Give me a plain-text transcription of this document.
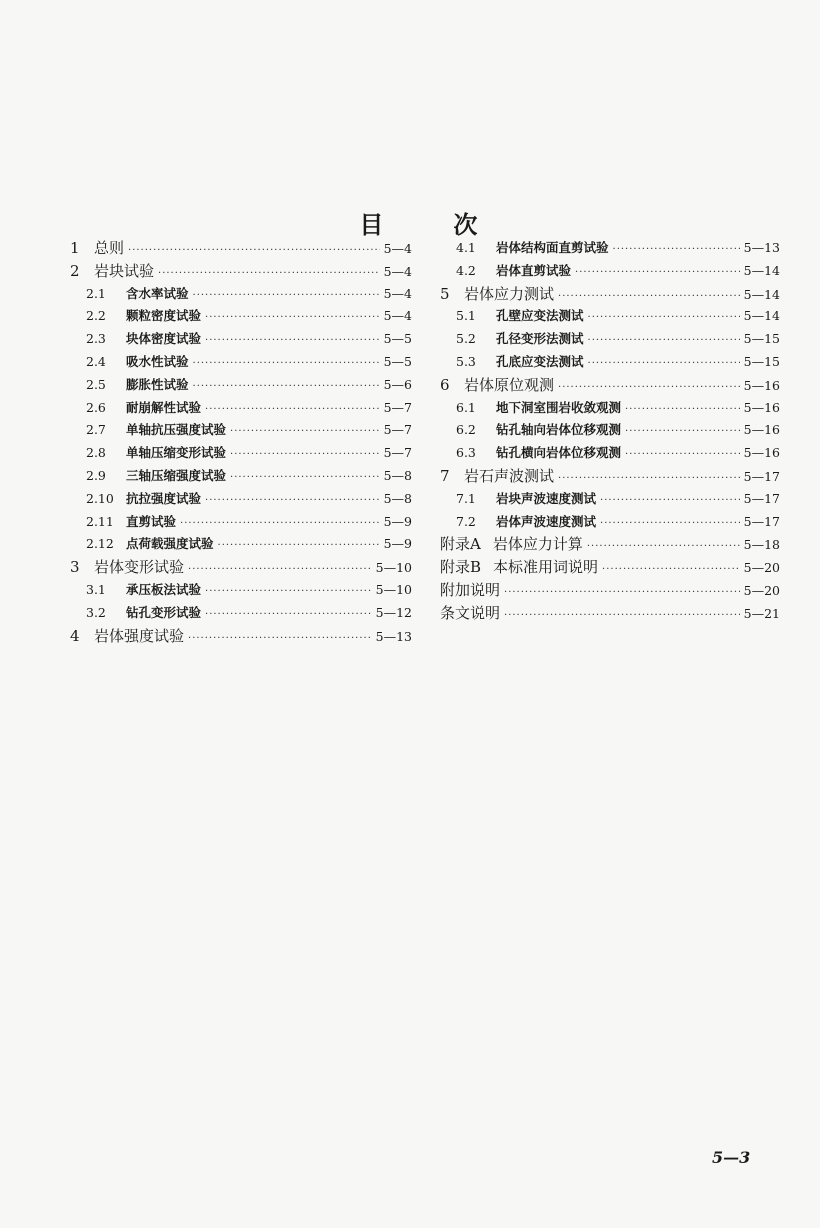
目	次

1 总则 ·····	5—4
2 岩块试验 ·····	5—4
2.1	含水率试验 ·····	5—4
2.2	颗粒密度试验 ·····	5—4
2.3	块体密度试验 ·····	5—5
2.4	吸水性试验 ·····	5—5
2.5	膨胀性试验 ·····	5—6
2.6	耐崩解性试验 ·····	5—7
2.7	单轴抗压强度试验 ·····	5—7
2.8	单轴压缩变形试验 ·····	5—7
2.9	三轴压缩强度试验 ·····	5—8
2.10 抗拉强度试验 ·····	5—8
2.11 直剪试验 ·····	5—9
2.12 点荷载强度试验 ·····	5—9
3 岩体变形试验 ·····	5—10
3.1	承压板法试验 ·····	5—10
3.2	钻孔变形试验 ·····	5—12
4 岩体强度试验 ·····	5—13
4.1	岩体结构面直剪试验 ·····	5—13
4.2	岩体直剪试验 ·····	5—14
5 岩体应力测试 ·····	5—14
5.1	孔壁应变法测试 ·····	5—14
5.2	孔径变形法测试 ·····	5—15
5.3	孔底应变法测试 ·····	5—15
6 岩体原位观测 ·····	5—16
6.1	地下洞室围岩收敛观测 ·····	5—16
6.2	钻孔轴向岩体位移观测 ·····	5—16
6.3	钻孔横向岩体位移观测 ·····	5—16
7 岩石声波测试 ·····	5—17
7.1	岩块声波速度测试 ·····	5—17
7.2	岩体声波速度测试 ·····	5—17
附录A 岩体应力计算 ·····	5—18
附录B 本标准用词说明 ·····	5—20
附加说明 ·····	5—20
条文说明 ·····	5—21
5—3
